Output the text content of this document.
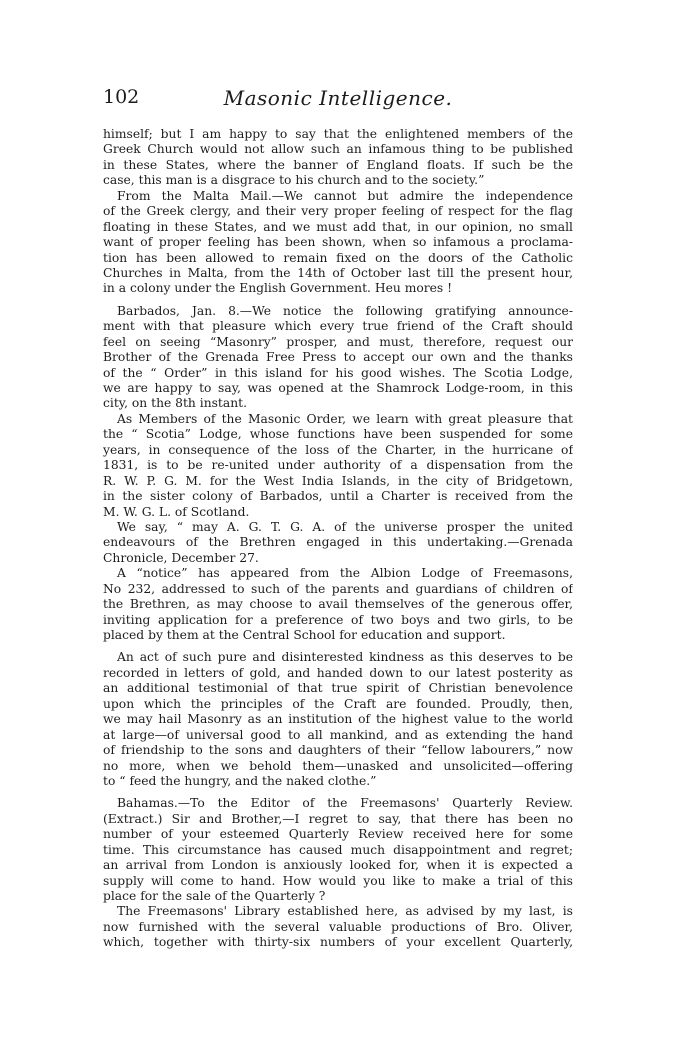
102	Masonic Intelligence.
himself; but I am happy to say that the enlightened members of the
Greek Church would not allow such an infamous thing to be published
in these States, where the banner of England floats. If such be the
case, this man is a disgrace to his church and to the society.”
From the Malta Mail.—We cannot but admire the independence
of the Greek clergy, and their very proper feeling of respect for the flag
floating in these States, and we must add that, in our opinion, no small
want of proper feeling has been shown, when so infamous a proclama-
tion has been allowed to remain fixed on the doors of the Catholic
Churches in Malta, from the 14th of October last till the present hour,
in a colony under the English Government. Heu mores !
Barbados, Jan. 8.—We notice the following gratifying announce-
ment with that pleasure which every true friend of the Craft should
feel on seeing “Masonry” prosper, and must, therefore, request our
Brother of the Grenada Free Press to accept our own and the thanks
of the “ Order” in this island for his good wishes. The Scotia Lodge,
we are happy to say, was opened at the Shamrock Lodge-room, in this
city, on the 8th instant.
As Members of the Masonic Order, we learn with great pleasure that
the “ Scotia” Lodge, whose functions have been suspended for some
years, in consequence of the loss of the Charter, in the hurricane of
1831, is to be re-united under authority of a dispensation from the
R. W. P. G. M. for the West India Islands, in the city of Bridgetown,
in the sister colony of Barbados, until a Charter is received from the
M. W. G. L. of Scotland.
We say, “ may A. G. T. G. A. of the universe prosper the united
endeavours of the Brethren engaged in this undertaking.—Grenada
Chronicle, December 27.
A “notice” has appeared from the Albion Lodge of Freemasons,
No 232, addressed to such of the parents and guardians of children of
the Brethren, as may choose to avail themselves of the generous offer,
inviting application for a preference of two boys and two girls, to be
placed by them at the Central School for education and support.
An act of such pure and disinterested kindness as this deserves to be
recorded in letters of gold, and handed down to our latest posterity as
an additional testimonial of that true spirit of Christian benevolence
upon which the principles of the Craft are founded. Proudly, then,
we may hail Masonry as an institution of the highest value to the world
at large—of universal good to all mankind, and as extending the hand
of friendship to the sons and daughters of their “fellow labourers,” now
no more, when we behold them—unasked and unsolicited—offering
to “ feed the hungry, and the naked clothe.”
Bahamas.—To the Editor of the Freemasons' Quarterly Review.
(Extract.) Sir and Brother,—I regret to say, that there has been no
number of your esteemed Quarterly Review received here for some
time. This circumstance has caused much disappointment and regret;
an arrival from London is anxiously looked for, when it is expected a
supply will come to hand. How would you like to make a trial of this
place for the sale of the Quarterly ?
The Freemasons' Library established here, as advised by my last, is
now furnished with the several valuable productions of Bro. Oliver,
which, together with thirty-six numbers of your excellent Quarterly,
